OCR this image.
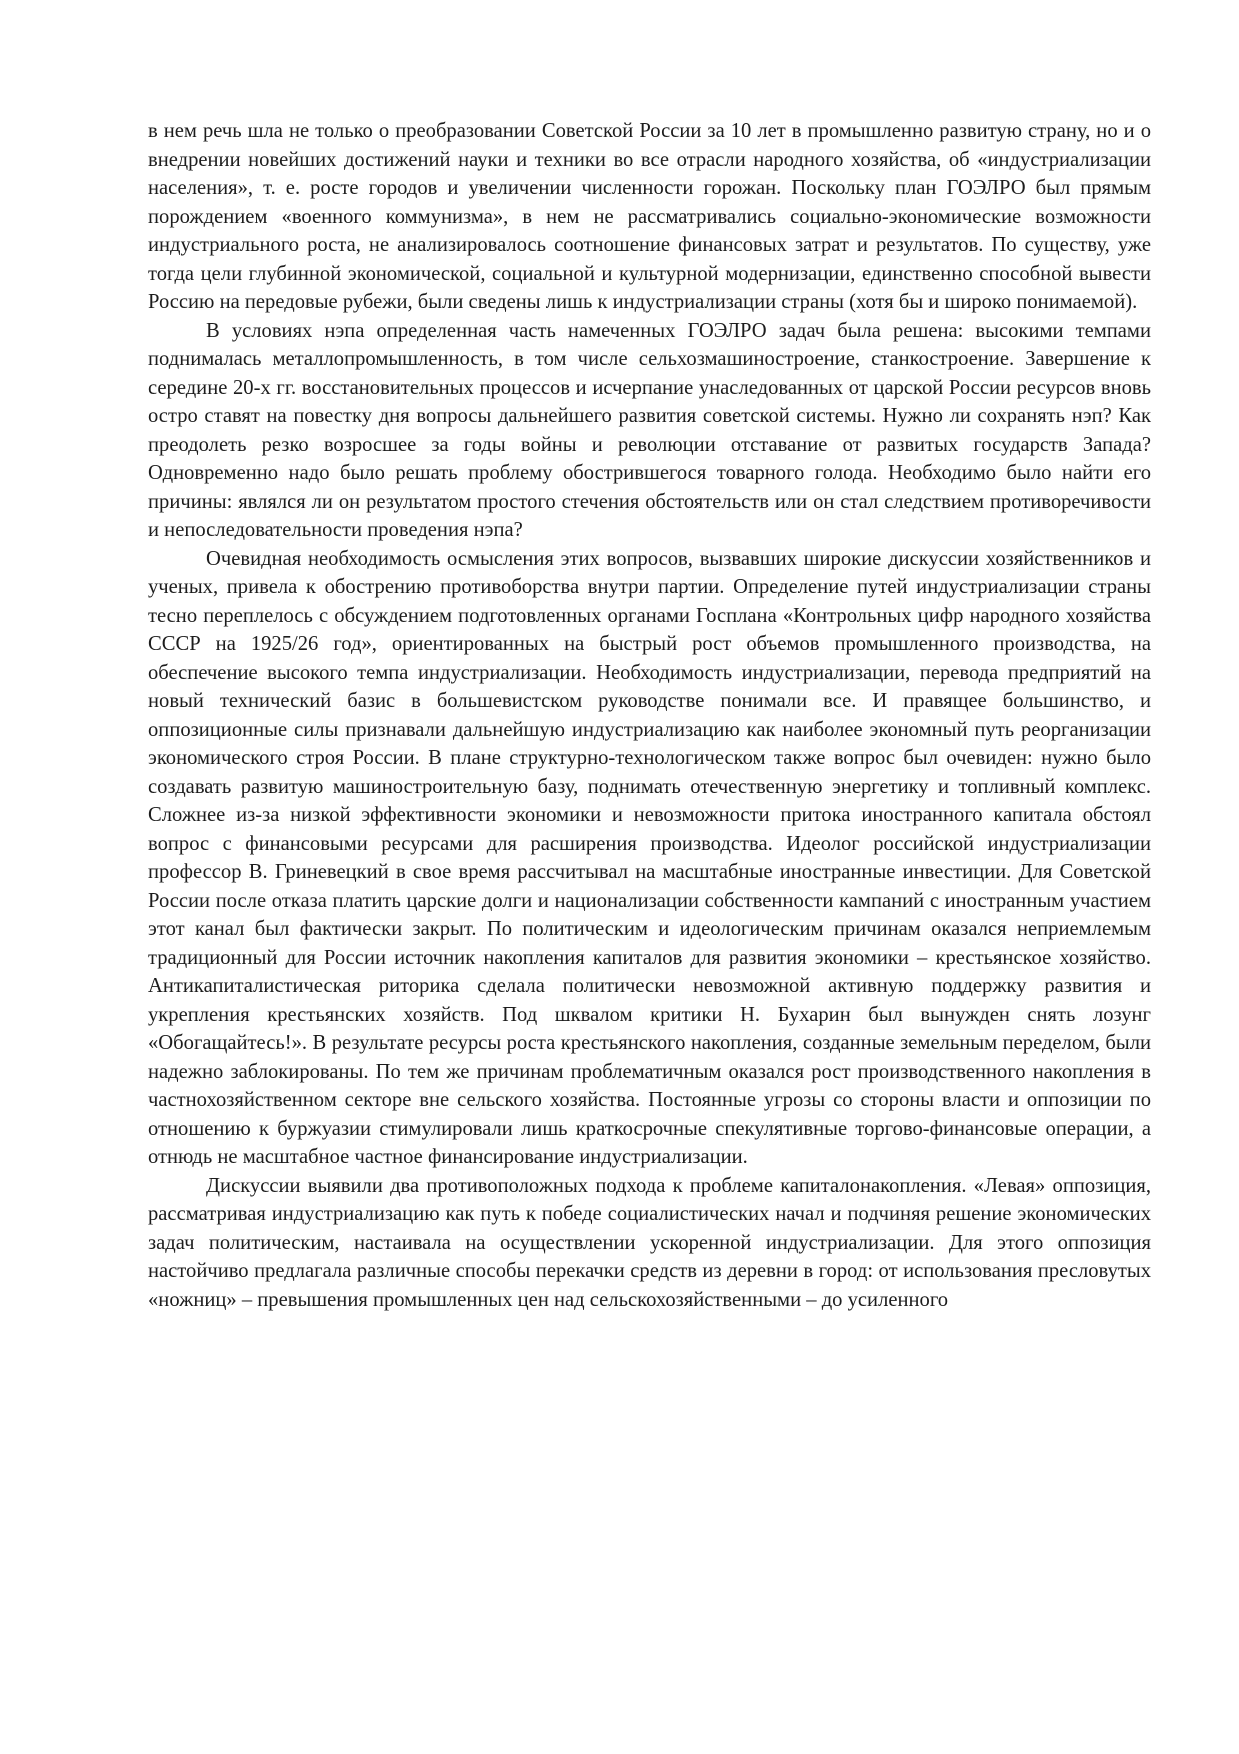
в нем речь шла не только о преобразовании Советской России за 10 лет в промышленно развитую страну, но и о внедрении новейших достижений науки и техники во все отрасли народного хозяйства, об «индустриализации населения», т. е. росте городов и увеличении численности горожан. Поскольку план ГОЭЛРО был прямым порождением «военного коммунизма», в нем не рассматривались социально-экономические возможности индустриального роста, не анализировалось соотношение финансовых затрат и результатов. По существу, уже тогда цели глубинной экономической, социальной и культурной модернизации, единственно способной вывести Россию на передовые рубежи, были сведены лишь к индустриализации страны (хотя бы и широко понимаемой).

В условиях нэпа определенная часть намеченных ГОЭЛРО задач была решена: высокими темпами поднималась металлопромышленность, в том числе сельхозмашиностроение, станкостроение. Завершение к середине 20-х гг. восстановительных процессов и исчерпание унаследованных от царской России ресурсов вновь остро ставят на повестку дня вопросы дальнейшего развития советской системы. Нужно ли сохранять нэп? Как преодолеть резко возросшее за годы войны и революции отставание от развитых государств Запада? Одновременно надо было решать проблему обострившегося товарного голода. Необходимо было найти его причины: являлся ли он результатом простого стечения обстоятельств или он стал следствием противоречивости и непоследовательности проведения нэпа?

Очевидная необходимость осмысления этих вопросов, вызвавших широкие дискуссии хозяйственников и ученых, привела к обострению противоборства внутри партии. Определение путей индустриализации страны тесно переплелось с обсуждением подготовленных органами Госплана «Контрольных цифр народного хозяйства СССР на 1925/26 год», ориентированных на быстрый рост объемов промышленного производства, на обеспечение высокого темпа индустриализации. Необходимость индустриализации, перевода предприятий на новый технический базис в большевистском руководстве понимали все. И правящее большинство, и оппозиционные силы признавали дальнейшую индустриализацию как наиболее экономный путь реорганизации экономического строя России. В плане структурно-технологическом также вопрос был очевиден: нужно было создавать развитую машиностроительную базу, поднимать отечественную энергетику и топливный комплекс. Сложнее из-за низкой эффективности экономики и невозможности притока иностранного капитала обстоял вопрос с финансовыми ресурсами для расширения производства. Идеолог российской индустриализации профессор В. Гриневецкий в свое время рассчитывал на масштабные иностранные инвестиции. Для Советской России после отказа платить царские долги и национализации собственности кампаний с иностранным участием этот канал был фактически закрыт. По политическим и идеологическим причинам оказался неприемлемым традиционный для России источник накопления капиталов для развития экономики – крестьянское хозяйство. Антикапиталистическая риторика сделала политически невозможной активную поддержку развития и укрепления крестьянских хозяйств. Под шквалом критики Н. Бухарин был вынужден снять лозунг «Обогащайтесь!». В результате ресурсы роста крестьянского накопления, созданные земельным переделом, были надежно заблокированы. По тем же причинам проблематичным оказался рост производственного накопления в частнохозяйственном секторе вне сельского хозяйства. Постоянные угрозы со стороны власти и оппозиции по отношению к буржуазии стимулировали лишь краткосрочные спекулятивные торгово-финансовые операции, а отнюдь не масштабное частное финансирование индустриализации.

Дискуссии выявили два противоположных подхода к проблеме капиталонакопления. «Левая» оппозиция, рассматривая индустриализацию как путь к победе социалистических начал и подчиняя решение экономических задач политическим, настаивала на осуществлении ускоренной индустриализации. Для этого оппозиция настойчиво предлагала различные способы перекачки средств из деревни в город: от использования пресловутых «ножниц» – превышения промышленных цен над сельскохозяйственными – до усиленного
